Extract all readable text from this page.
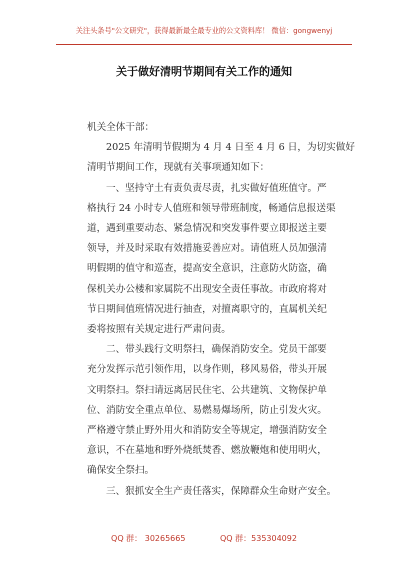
关注头条号"公文研究"，获得最新最全最专业的公文资料库！ 微信：gongwenyj
关于做好清明节期间有关工作的通知

机关全体干部：

2025 年清明节假期为 4 月 4 日至 4 月 6 日，为切实做好
清明节期间工作，现就有关事项通知如下：
一、坚持守土有责负责尽责，扎实做好值班值守。严
格执行 24 小时专人值班和领导带班制度，畅通信息报送渠
道，遇到重要动态、紧急情况和突发事件要立即报送主要
领导，并及时采取有效措施妥善应对。请值班人员加强清
明假期的值守和巡查，提高安全意识，注意防火防盗，确
保机关办公楼和家属院不出现安全责任事故。市政府将对
节日期间值班情况进行抽查，对擅离职守的，直属机关纪
委将按照有关规定进行严肃问责。
二、带头践行文明祭扫，确保消防安全。党员干部要
充分发挥示范引领作用，以身作则，移风易俗，带头开展
文明祭扫。祭扫请远离居民住宅、公共建筑、文物保护单
位、消防安全重点单位、易燃易爆场所，防止引发火灾。
严格遵守禁止野外用火和消防安全等规定，增强消防安全
意识，不在墓地和野外烧纸焚香、燃放鞭炮和使用明火，
确保安全祭扫。
三、狠抓安全生产责任落实，保障群众生命财产安全。
QQ 群： 30265665	QQ 群：535304092
